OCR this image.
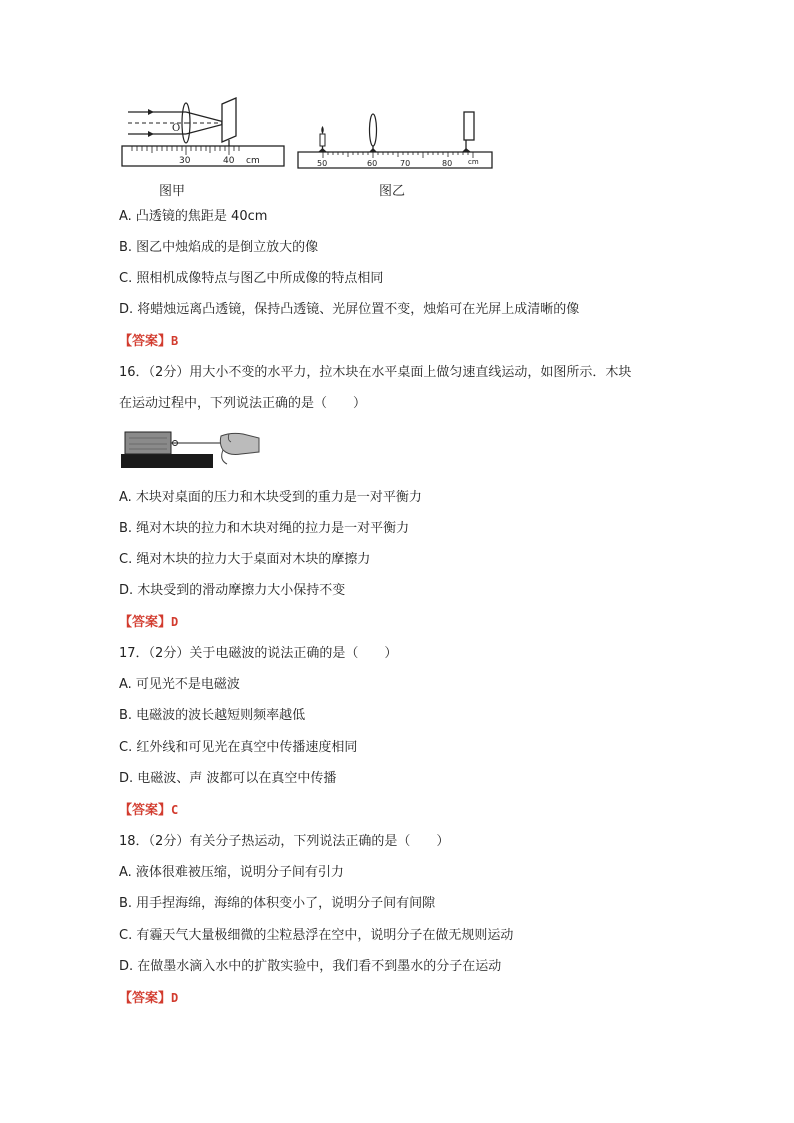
O
30	40 cm	50	60	70	80 cm
图甲	图乙
A. 凸透镜的焦距是 40cm
B. 图乙中烛焰成的是倒立放大的像
C. 照相机成像特点与图乙中所成像的特点相同
D. 将蜡烛远离凸透镜，保持凸透镜、光屏位置不变，烛焰可在光屏上成清晰的像
【答案】B
16．（2分）用大小不变的水平力，拉木块在水平桌面上做匀速直线运动，如图所示．木块
在运动过程中，下列说法正确的是（　　）
A. 木块对桌面的压力和木块受到的重力是一对平衡力
B. 绳对木块的拉力和木块对绳的拉力是一对平衡力
C. 绳对木块的拉力大于桌面对木块的摩擦力
D. 木块受到的滑动摩擦力大小保持不变
【答案】D
17．（2分）关于电磁波的说法正确的是（　　）
A. 可见光不是电磁波
B. 电磁波的波长越短则频率越低
C. 红外线和可见光在真空中传播速度相同
D. 电磁波、声 波都可以在真空中传播
【答案】C
18．（2分）有关分子热运动，下列说法正确的是（　　）
A. 液体很难被压缩，说明分子间有引力
B. 用手捏海绵，海绵的体积变小了，说明分子间有间隙
C. 有霾天气大量极细微的尘粒悬浮在空中，说明分子在做无规则运动
D. 在做墨水滴入水中的扩散实验中，我们看不到墨水的分子在运动
【答案】D
